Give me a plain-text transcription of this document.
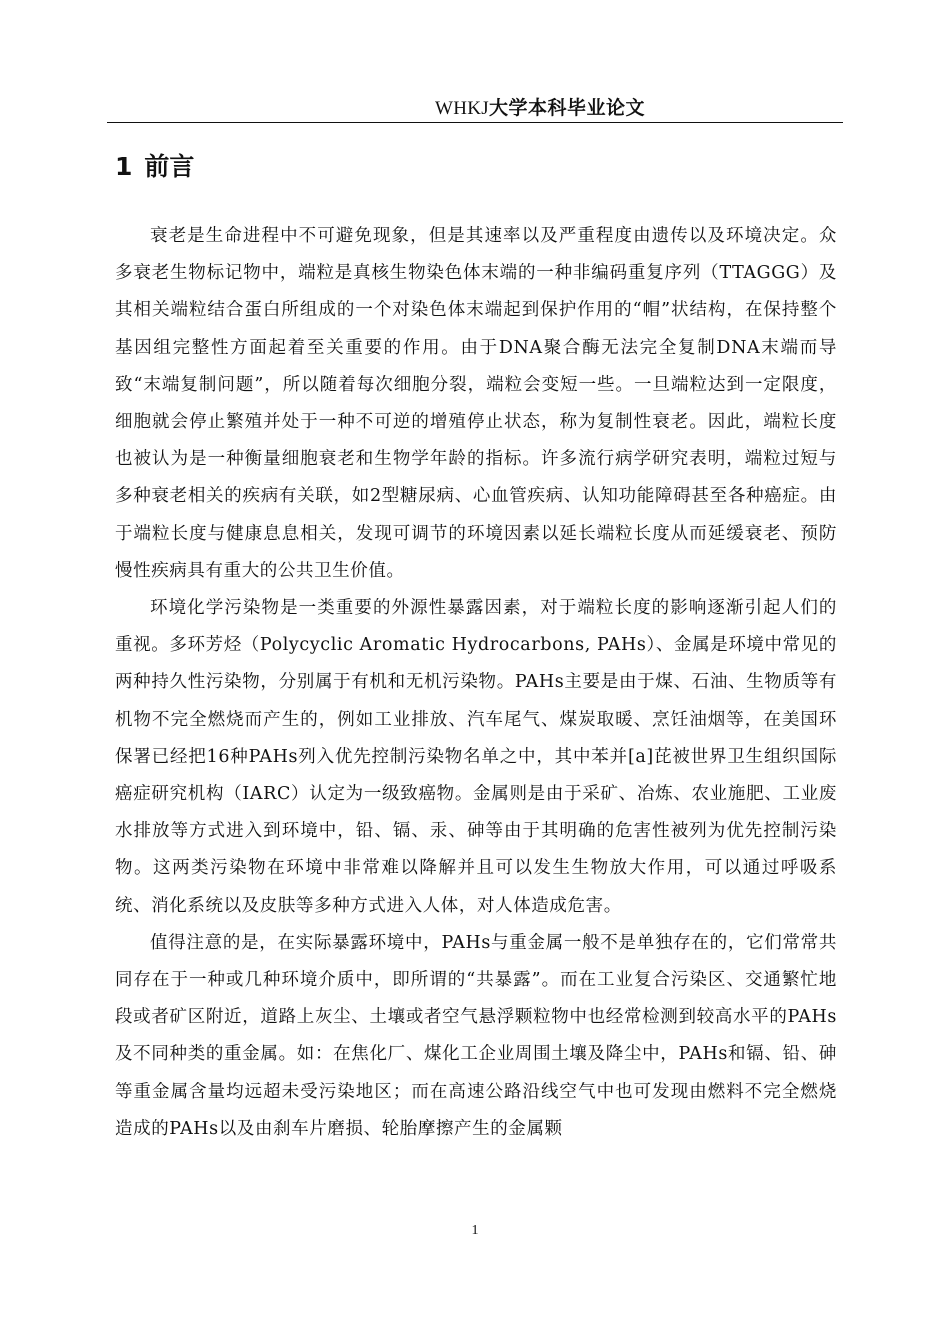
WHKJ大学本科毕业论文
1 前言

衰老是生命进程中不可避免现象，但是其速率以及严重程度由遗传以及环境决定。众多衰老生物标记物中，端粒是真核生物染色体末端的一种非编码重复序列（TTAGGG）及其相关端粒结合蛋白所组成的一个对染色体末端起到保护作用的“帽”状结构，在保持整个基因组完整性方面起着至关重要的作用。由于DNA聚合酶无法完全复制DNA末端而导致“末端复制问题”，所以随着每次细胞分裂，端粒会变短一些。一旦端粒达到一定限度，细胞就会停止繁殖并处于一种不可逆的增殖停止状态，称为复制性衰老。因此，端粒长度也被认为是一种衡量细胞衰老和生物学年龄的指标。许多流行病学研究表明，端粒过短与多种衰老相关的疾病有关联，如2型糖尿病、心血管疾病、认知功能障碍甚至各种癌症。由于端粒长度与健康息息相关，发现可调节的环境因素以延长端粒长度从而延缓衰老、预防慢性疾病具有重大的公共卫生价值。

环境化学污染物是一类重要的外源性暴露因素，对于端粒长度的影响逐渐引起人们的重视。多环芳烃（Polycyclic Aromatic Hydrocarbons, PAHs）、金属是环境中常见的两种持久性污染物，分别属于有机和无机污染物。PAHs主要是由于煤、石油、生物质等有机物不完全燃烧而产生的，例如工业排放、汽车尾气、煤炭取暖、烹饪油烟等，在美国环保署已经把16种PAHs列入优先控制污染物名单之中，其中苯并[a]芘被世界卫生组织国际癌症研究机构（IARC）认定为一级致癌物。金属则是由于采矿、冶炼、农业施肥、工业废水排放等方式进入到环境中，铅、镉、汞、砷等由于其明确的危害性被列为优先控制污染物。这两类污染物在环境中非常难以降解并且可以发生生物放大作用，可以通过呼吸系统、消化系统以及皮肤等多种方式进入人体，对人体造成危害。

值得注意的是，在实际暴露环境中，PAHs与重金属一般不是单独存在的，它们常常共同存在于一种或几种环境介质中，即所谓的“共暴露”。而在工业复合污染区、交通繁忙地段或者矿区附近，道路上灰尘、土壤或者空气悬浮颗粒物中也经常检测到较高水平的PAHs及不同种类的重金属。如：在焦化厂、煤化工企业周围土壤及降尘中，PAHs和镉、铅、砷等重金属含量均远超未受污染地区；而在高速公路沿线空气中也可发现由燃料不完全燃烧造成的PAHs以及由刹车片磨损、轮胎摩擦产生的金属颗

1
